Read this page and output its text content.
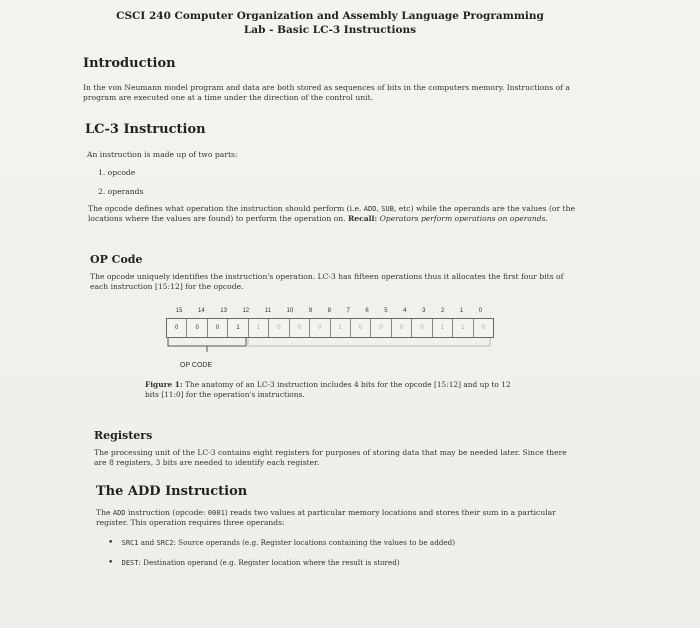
CSCI 240 Computer Organization and Assembly Language Programming
Lab - Basic LC-3 Instructions
Introduction
In the von Neumann model program and data are both stored as sequences of bits in the computers memory. Instructions of a program are executed one at a time under the direction of the control unit.
LC-3 Instruction
An instruction is made up of two parts:
1. opcode
2. operands
The opcode defines what operation the instruction should perform (i.e. ADD, SUB, etc) while the operands are the values (or the locations where the values are found) to perform the operation on. Recall: Operators perform operations on operands.
OP Code
The opcode uniquely identifies the instruction's operation. LC-3 has fifteen operations thus it allocates the first four bits of each instruction [15:12] for the opcode.
15	14	13	12	11	10	9	8	7	6	5	4	3	2	1	0
0	0	0	1	1	0	0	0	1	0	0	0	0	1	1	0
OP CODE
Figure 1: The anatomy of an LC-3 instruction includes 4 bits for the opcode [15:12] and up to 12 bits [11:0] for the operation's instructions.
Registers
The processing unit of the LC-3 contains eight registers for purposes of storing data that may be needed later. Since there are 8 registers, 3 bits are needed to identify each register.
The ADD Instruction
The ADD instruction (opcode: 0001) reads two values at particular memory locations and stores their sum in a particular register. This operation requires three operands:
• SRC1 and SRC2: Source operands (e.g. Register locations containing the values to be added)
• DEST: Destination operand (e.g. Register location where the result is stored)
